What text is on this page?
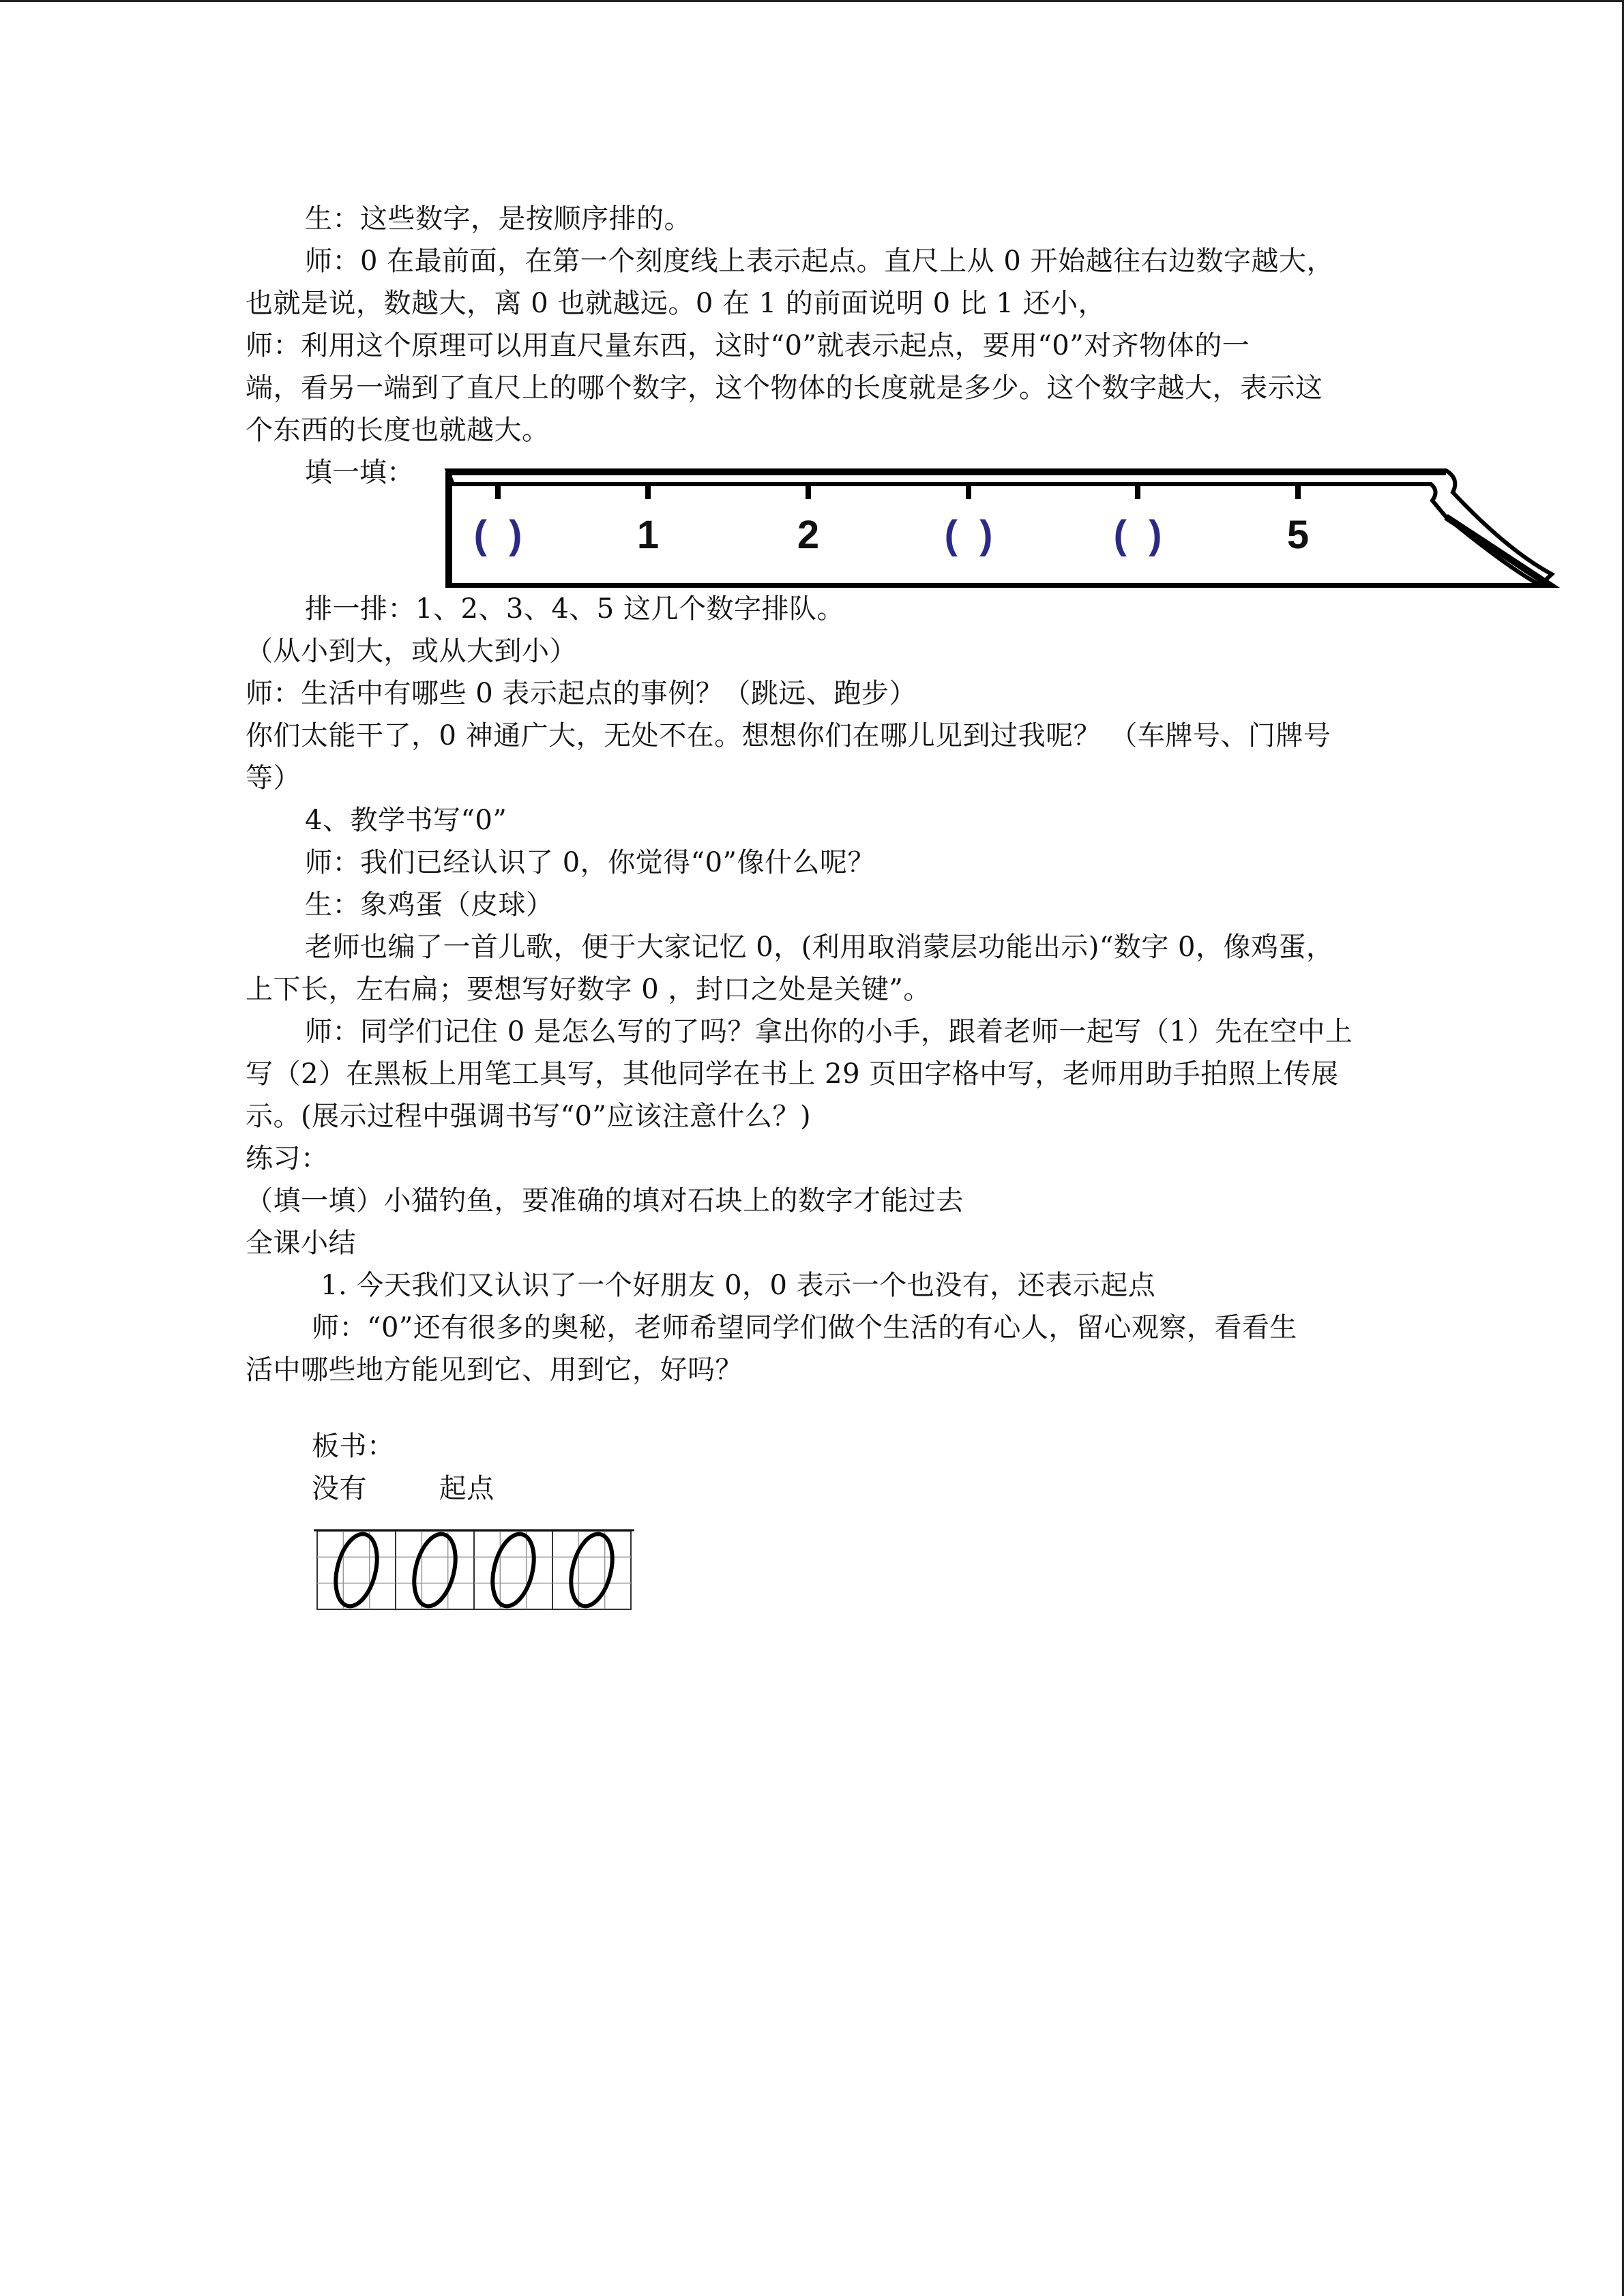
生：这些数字，是按顺序排的。

师：0 在最前面，在第一个刻度线上表示起点。直尺上从 0 开始越往右边数字越大，

也就是说，数越大，离 0 也就越远。0 在 1 的前面说明 0 比 1 还小，

师：利用这个原理可以用直尺量东西，这时“0”就表示起点，要用“0”对齐物体的一

端，看另一端到了直尺上的哪个数字，这个物体的长度就是多少。这个数字越大，表示这

个东西的长度也就越大。

填一填：
(  )	1	2	(  )	(  )	5

排一排：1、2、3、4、5 这几个数字排队。

（从小到大，或从大到小）

师：生活中有哪些 0 表示起点的事例？（跳远、跑步）

你们太能干了，0 神通广大，无处不在。想想你们在哪儿见到过我呢？ （车牌号、门牌号

等）

4、教学书写“0”

师：我们已经认识了 0，你觉得“0”像什么呢？

生：象鸡蛋（皮球）

老师也编了一首儿歌，便于大家记忆 0，(利用取消蒙层功能出示)“数字 0，像鸡蛋，

上下长，左右扁；要想写好数字 0 ，封口之处是关键”。

师：同学们记住 0 是怎么写的了吗？拿出你的小手，跟着老师一起写（1）先在空中上

写（2）在黑板上用笔工具写，其他同学在书上 29 页田字格中写，老师用助手拍照上传展

示。(展示过程中强调书写“0”应该注意什么？)

练习：

（填一填）小猫钓鱼，要准确的填对石块上的数字才能过去

全课小结

1. 今天我们又认识了一个好朋友 0，0 表示一个也没有，还表示起点

师：“0”还有很多的奥秘，老师希望同学们做个生活的有心人，留心观察，看看生

活中哪些地方能见到它、用到它，好吗？

板书：

没有        起点
